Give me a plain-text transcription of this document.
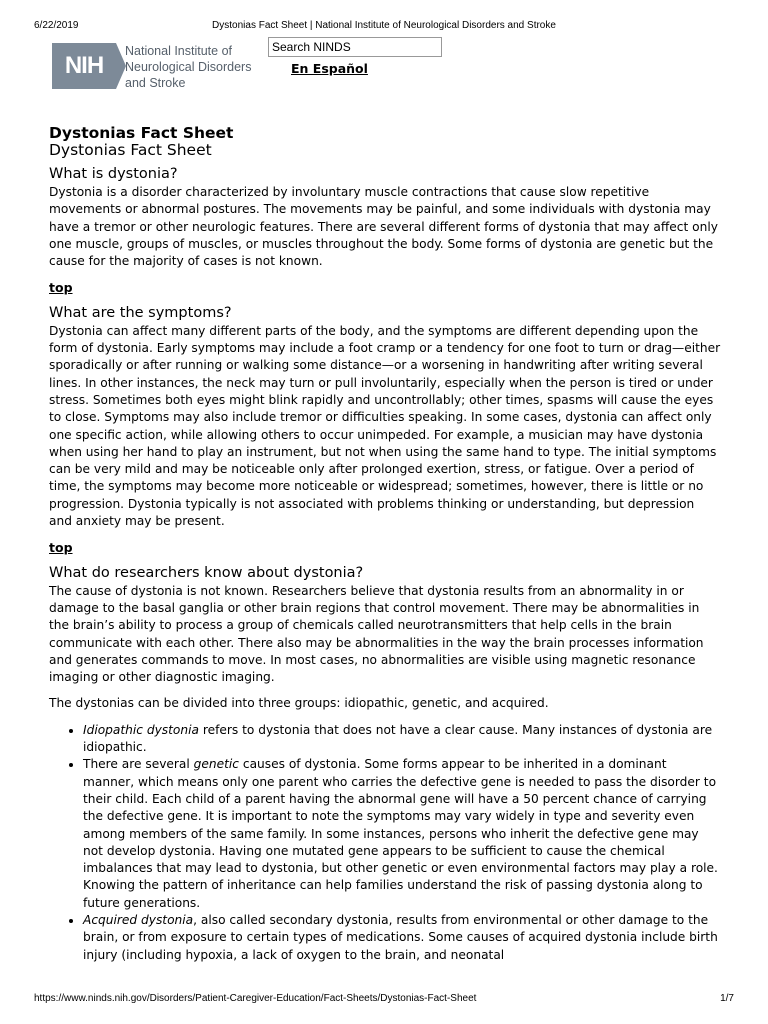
6/22/2019	Dystonias Fact Sheet | National Institute of Neurological Disorders and Stroke
NIH
National Institute of
Neurological Disorders
and Stroke
Search NINDS
En Español
Dystonias Fact Sheet
Dystonias Fact Sheet
What is dystonia?

Dystonia is a disorder characterized by involuntary muscle contractions that cause slow repetitive movements or abnormal postures. The movements may be painful, and some individuals with dystonia may have a tremor or other neurologic features. There are several different forms of dystonia that may affect only one muscle, groups of muscles, or muscles throughout the body. Some forms of dystonia are genetic but the cause for the majority of cases is not known.

top
What are the symptoms?

Dystonia can affect many different parts of the body, and the symptoms are different depending upon the form of dystonia. Early symptoms may include a foot cramp or a tendency for one foot to turn or drag—either sporadically or after running or walking some distance—or a worsening in handwriting after writing several lines. In other instances, the neck may turn or pull involuntarily, especially when the person is tired or under stress. Sometimes both eyes might blink rapidly and uncontrollably; other times, spasms will cause the eyes to close. Symptoms may also include tremor or difficulties speaking. In some cases, dystonia can affect only one specific action, while allowing others to occur unimpeded. For example, a musician may have dystonia when using her hand to play an instrument, but not when using the same hand to type. The initial symptoms can be very mild and may be noticeable only after prolonged exertion, stress, or fatigue. Over a period of time, the symptoms may become more noticeable or widespread; sometimes, however, there is little or no progression. Dystonia typically is not associated with problems thinking or understanding, but depression and anxiety may be present.

top
What do researchers know about dystonia?

The cause of dystonia is not known. Researchers believe that dystonia results from an abnormality in or damage to the basal ganglia or other brain regions that control movement. There may be abnormalities in the brain’s ability to process a group of chemicals called neurotransmitters that help cells in the brain communicate with each other. There also may be abnormalities in the way the brain processes information and generates commands to move. In most cases, no abnormalities are visible using magnetic resonance imaging or other diagnostic imaging.

The dystonias can be divided into three groups: idiopathic, genetic, and acquired.

• Idiopathic dystonia refers to dystonia that does not have a clear cause. Many instances of dystonia are idiopathic.
• There are several genetic causes of dystonia. Some forms appear to be inherited in a dominant manner, which means only one parent who carries the defective gene is needed to pass the disorder to their child. Each child of a parent having the abnormal gene will have a 50 percent chance of carrying the defective gene. It is important to note the symptoms may vary widely in type and severity even among members of the same family. In some instances, persons who inherit the defective gene may not develop dystonia. Having one mutated gene appears to be sufficient to cause the chemical imbalances that may lead to dystonia, but other genetic or even environmental factors may play a role. Knowing the pattern of inheritance can help families understand the risk of passing dystonia along to future generations.
• Acquired dystonia, also called secondary dystonia, results from environmental or other damage to the brain, or from exposure to certain types of medications. Some causes of acquired dystonia include birth injury (including hypoxia, a lack of oxygen to the brain, and neonatal
https://www.ninds.nih.gov/Disorders/Patient-Caregiver-Education/Fact-Sheets/Dystonias-Fact-Sheet	1/7
